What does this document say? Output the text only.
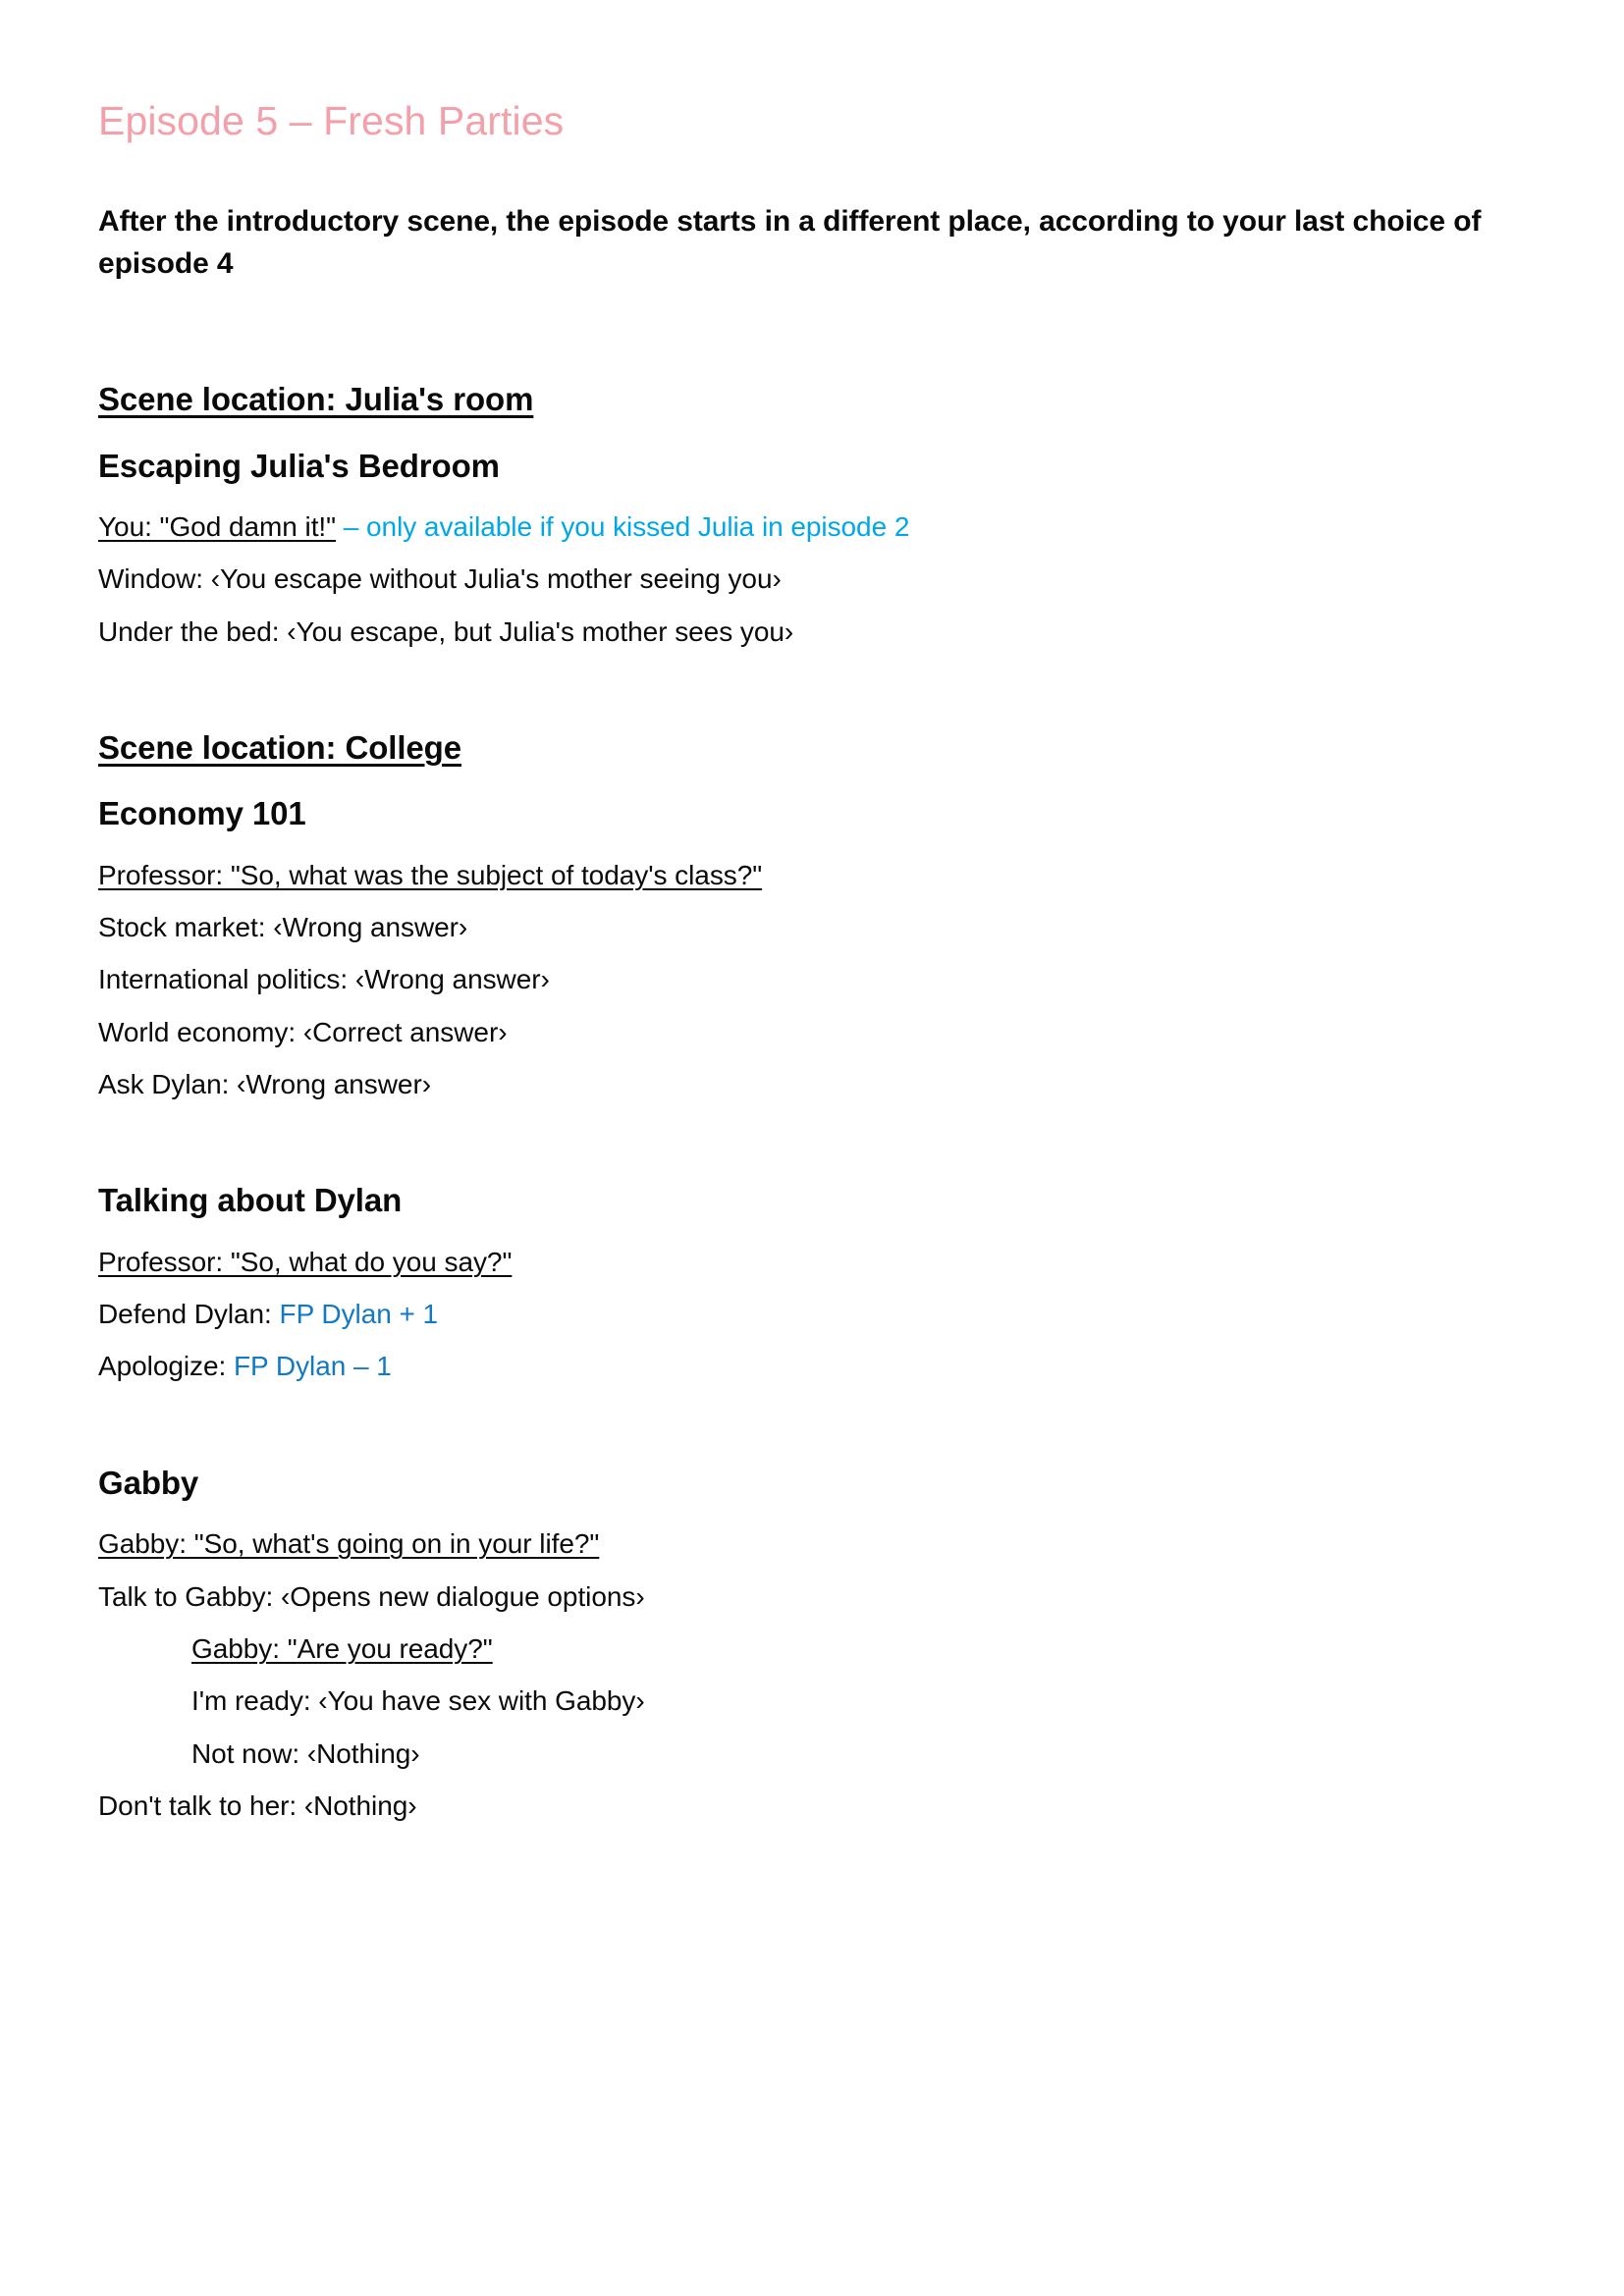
Episode 5 – Fresh Parties

After the introductory scene, the episode starts in a different place, according to your last choice of episode 4

Scene location: Julia's room
Escaping Julia's Bedroom

You: "God damn it!" – only available if you kissed Julia in episode 2

Window: ‹You escape without Julia's mother seeing you›

Under the bed: ‹You escape, but Julia's mother sees you›

Scene location: College
Economy 101

Professor: "So, what was the subject of today's class?"

Stock market: ‹Wrong answer›

International politics: ‹Wrong answer›

World economy: ‹Correct answer›

Ask Dylan: ‹Wrong answer›

Talking about Dylan

Professor: "So, what do you say?"

Defend Dylan: FP Dylan + 1

Apologize: FP Dylan – 1

Gabby

Gabby: "So, what's going on in your life?"

Talk to Gabby: ‹Opens new dialogue options›

Gabby: "Are you ready?"

I'm ready: ‹You have sex with Gabby›

Not now: ‹Nothing›

Don't talk to her: ‹Nothing›
